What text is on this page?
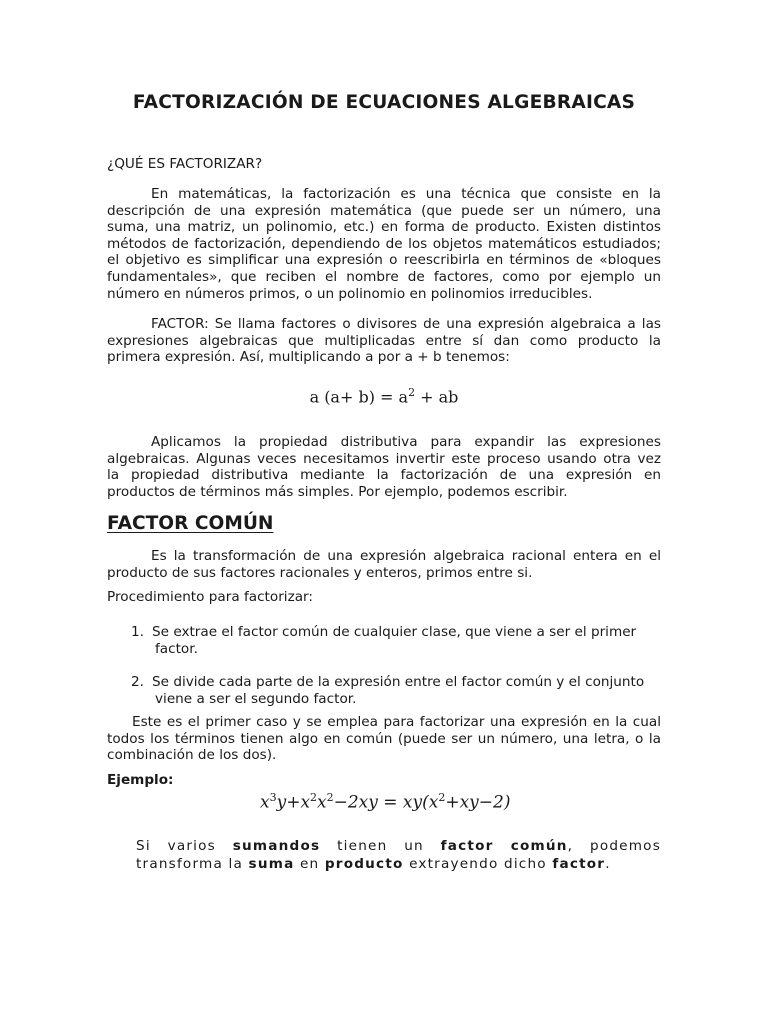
FACTORIZACIÓN DE ECUACIONES ALGEBRAICAS
¿QUÉ ES FACTORIZAR?
En matemáticas, la factorización es una técnica que consiste en la
descripción de una expresión matemática (que puede ser un número, una
suma, una matriz, un polinomio, etc.) en forma de producto. Existen distintos
métodos de factorización, dependiendo de los objetos matemáticos estudiados;
el objetivo es simplificar una expresión o reescribirla en términos de «bloques
fundamentales», que reciben el nombre de factores, como por ejemplo un
número en números primos, o un polinomio en polinomios irreducibles.
FACTOR: Se llama factores o divisores de una expresión algebraica a las
expresiones algebraicas que multiplicadas entre sí dan como producto la
primera expresión. Así, multiplicando a por a + b tenemos:
a $(a+ b) = a^2$ + ab
Aplicamos la propiedad distributiva para expandir las expresiones
algebraicas. Algunas veces necesitamos invertir este proceso usando otra vez
la propiedad distributiva mediante la factorización de una expresión en
productos de términos más simples. Por ejemplo, podemos escribir.
FACTOR COMÚN
Es la transformación de una expresión algebraica racional entera en el
producto de sus factores racionales y enteros, primos entre si.
Procedimiento para factorizar:
1. Se extrae el factor común de cualquier clase, que viene a ser el primer
factor.
2. Se divide cada parte de la expresión entre el factor común y el conjunto
viene a ser el segundo factor.
Este es el primer caso y se emplea para factorizar una expresión en la cual
todos los términos tienen algo en común (puede ser un número, una letra, o la
combinación de los dos).
Ejemplo:
$x^3y+x^2x^2-2xy = xy(x^2+xy-2)$
Si varios sumandos tienen un factor común, podemos
transforma la suma en producto extrayendo dicho factor.
